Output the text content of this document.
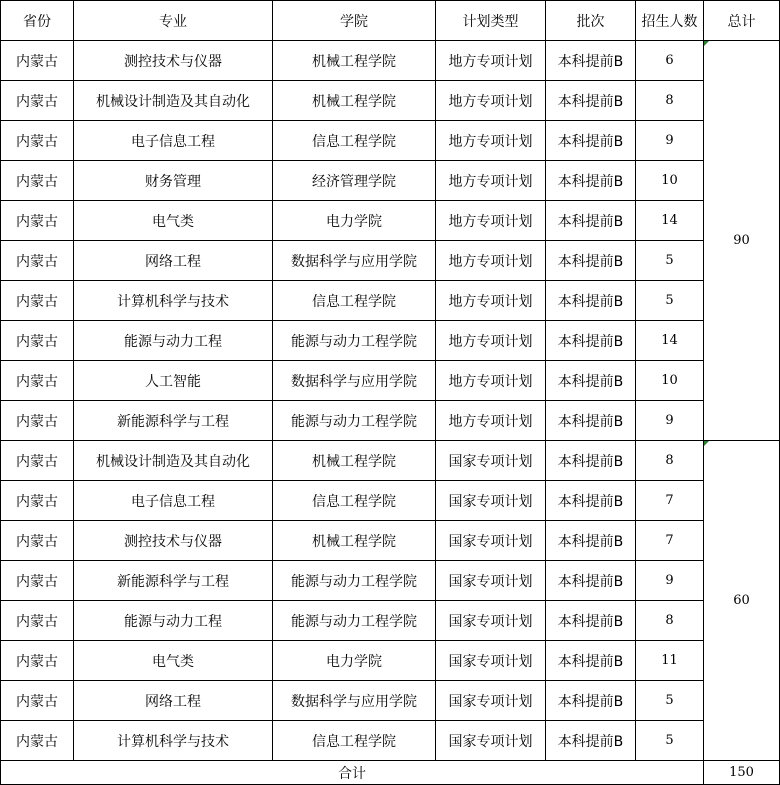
省份	专业	学院	计划类型	批次	招生人数	总计
内蒙古	测控技术与仪器	机械工程学院	地方专项计划	本科提前B	6	90
内蒙古	机械设计制造及其自动化	机械工程学院	地方专项计划	本科提前B	8	
内蒙古	电子信息工程	信息工程学院	地方专项计划	本科提前B	9	
内蒙古	财务管理	经济管理学院	地方专项计划	本科提前B	10	
内蒙古	电气类	电力学院	地方专项计划	本科提前B	14	
内蒙古	网络工程	数据科学与应用学院	地方专项计划	本科提前B	5	
内蒙古	计算机科学与技术	信息工程学院	地方专项计划	本科提前B	5	
内蒙古	能源与动力工程	能源与动力工程学院	地方专项计划	本科提前B	14	
内蒙古	人工智能	数据科学与应用学院	地方专项计划	本科提前B	10	
内蒙古	新能源科学与工程	能源与动力工程学院	地方专项计划	本科提前B	9	
内蒙古	机械设计制造及其自动化	机械工程学院	国家专项计划	本科提前B	8	60
内蒙古	电子信息工程	信息工程学院	国家专项计划	本科提前B	7	
内蒙古	测控技术与仪器	机械工程学院	国家专项计划	本科提前B	7	
内蒙古	新能源科学与工程	能源与动力工程学院	国家专项计划	本科提前B	9	
内蒙古	能源与动力工程	能源与动力工程学院	国家专项计划	本科提前B	8	
内蒙古	电气类	电力学院	国家专项计划	本科提前B	11	
内蒙古	网络工程	数据科学与应用学院	国家专项计划	本科提前B	5	
内蒙古	计算机科学与技术	信息工程学院	国家专项计划	本科提前B	5	
合计						150
